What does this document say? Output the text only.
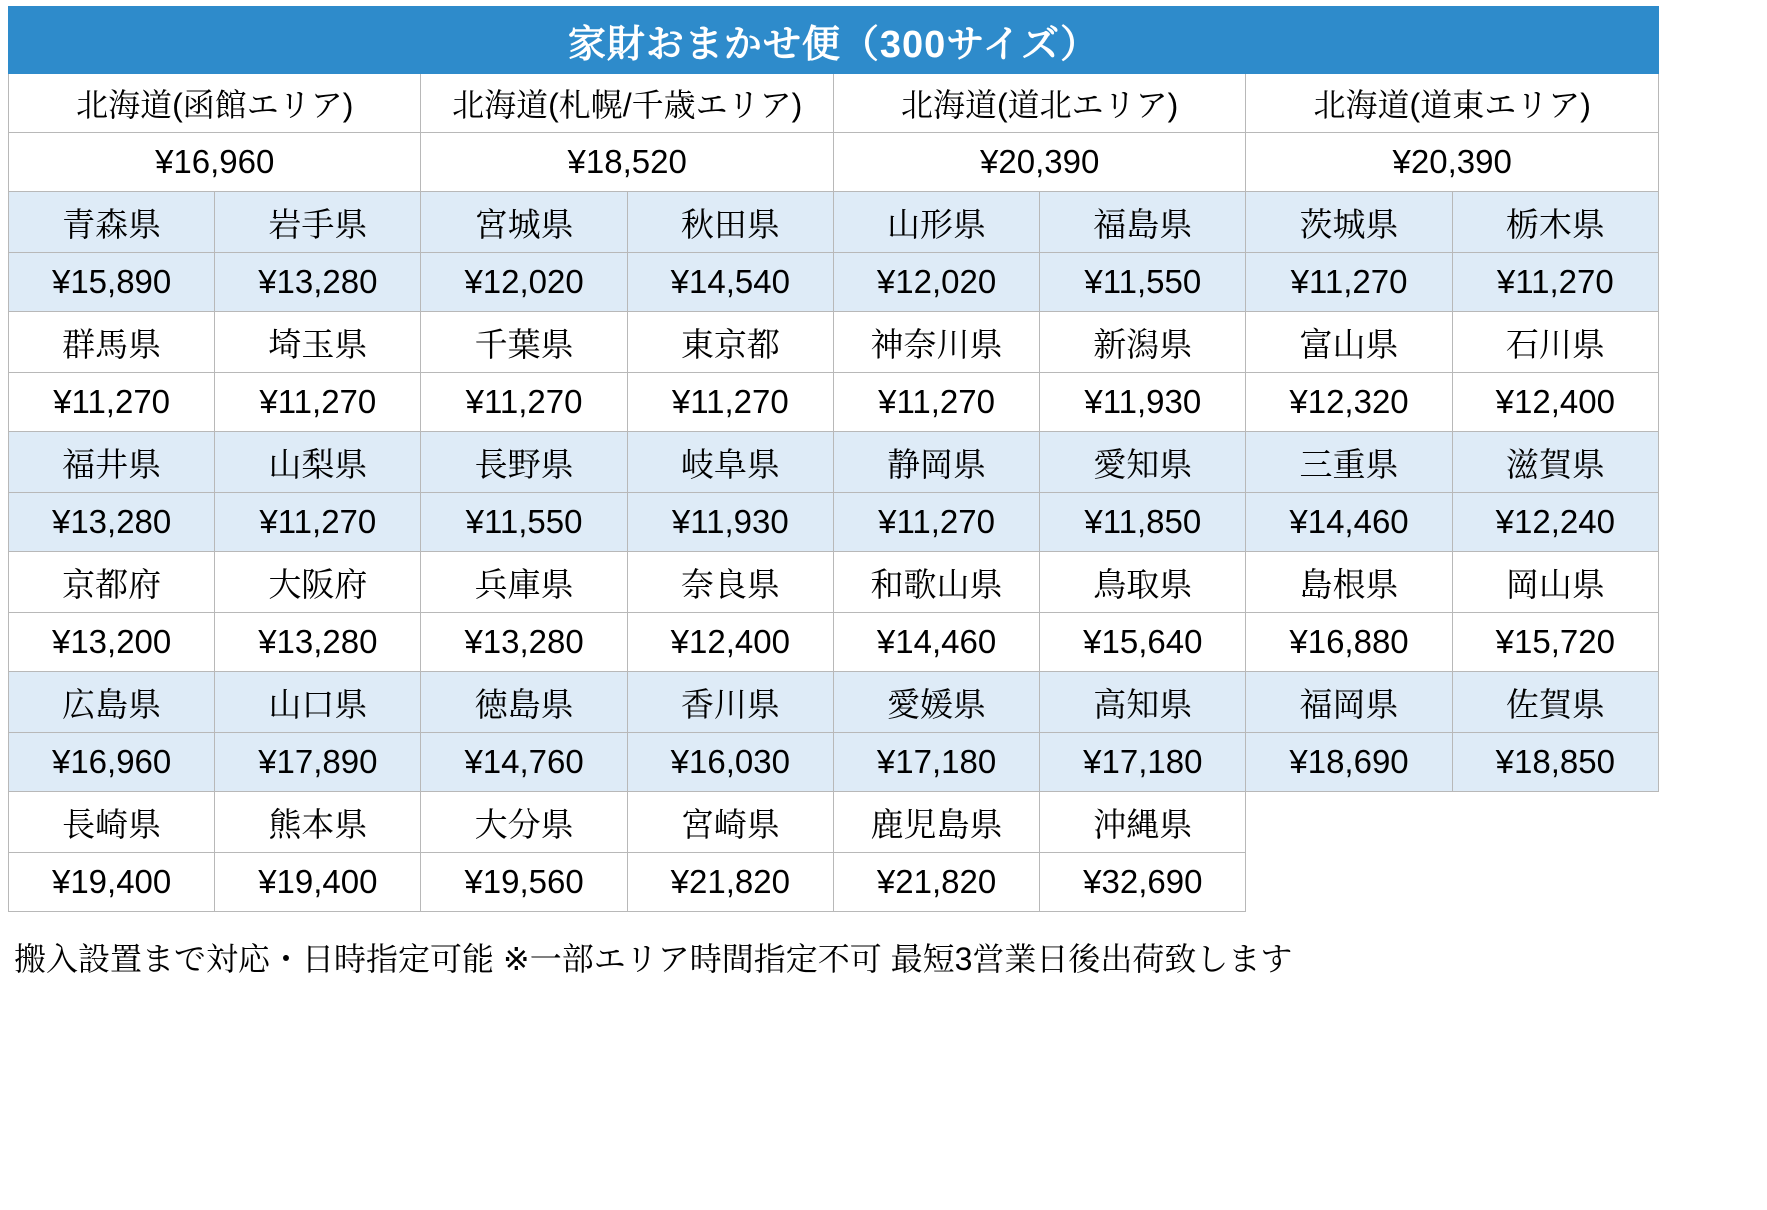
家財おまかせ便（300サイズ）							
北海道(函館エリア)		北海道(札幌/千歳エリア)		北海道(道北エリア)		北海道(道東エリア)	
¥16,960		¥18,520		¥20,390		¥20,390	
青森県	岩手県	宮城県	秋田県	山形県	福島県	茨城県	栃木県
¥15,890	¥13,280	¥12,020	¥14,540	¥12,020	¥11,550	¥11,270	¥11,270
群馬県	埼玉県	千葉県	東京都	神奈川県	新潟県	富山県	石川県
¥11,270	¥11,270	¥11,270	¥11,270	¥11,270	¥11,930	¥12,320	¥12,400
福井県	山梨県	長野県	岐阜県	静岡県	愛知県	三重県	滋賀県
¥13,280	¥11,270	¥11,550	¥11,930	¥11,270	¥11,850	¥14,460	¥12,240
京都府	大阪府	兵庫県	奈良県	和歌山県	鳥取県	島根県	岡山県
¥13,200	¥13,280	¥13,280	¥12,400	¥14,460	¥15,640	¥16,880	¥15,720
広島県	山口県	徳島県	香川県	愛媛県	高知県	福岡県	佐賀県
¥16,960	¥17,890	¥14,760	¥16,030	¥17,180	¥17,180	¥18,690	¥18,850
長崎県	熊本県	大分県	宮崎県	鹿児島県	沖縄県		
¥19,400	¥19,400	¥19,560	¥21,820	¥21,820	¥32,690		
搬入設置まで対応・日時指定可能 ※一部エリア時間指定不可 最短3営業日後出荷致します
